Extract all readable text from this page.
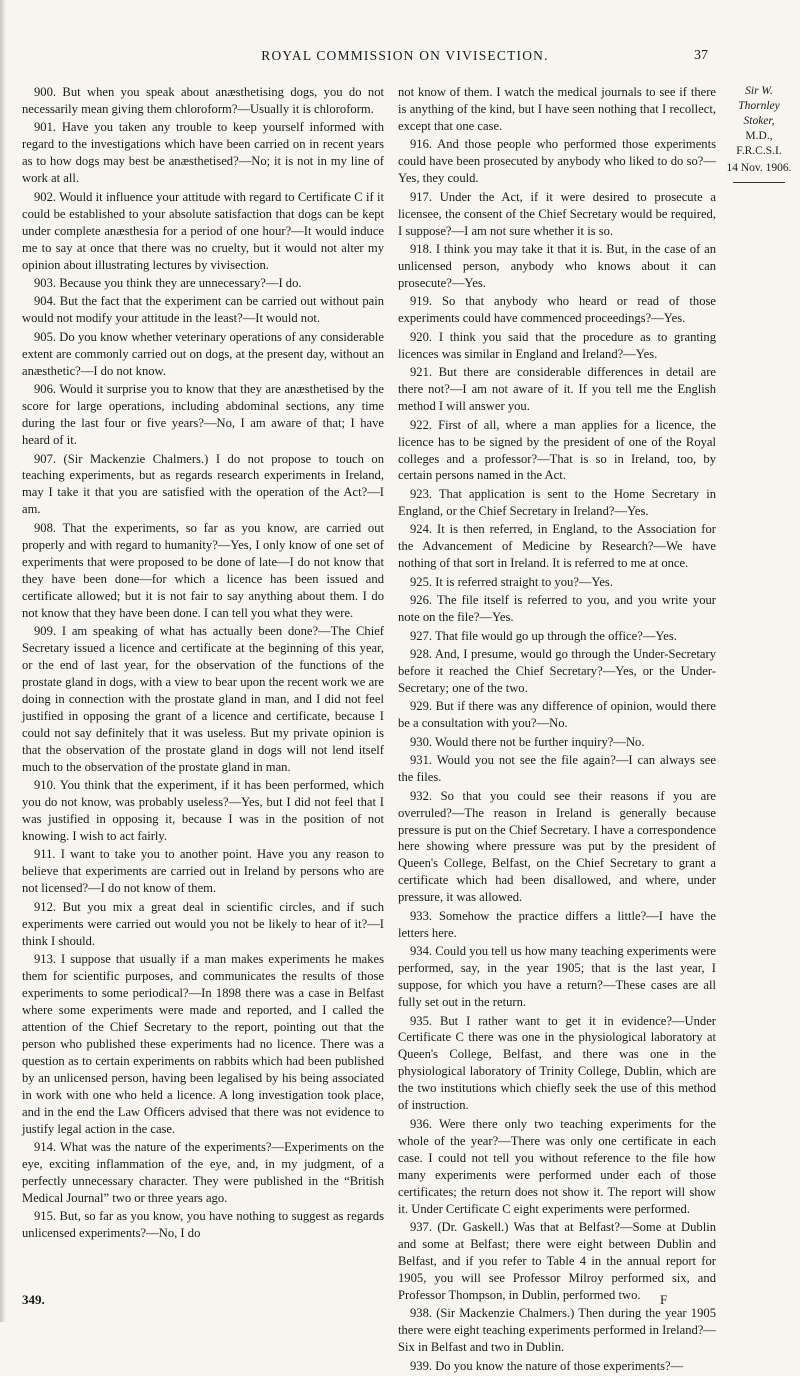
ROYAL COMMISSION ON VIVISECTION.	37

900. But when you speak about anæsthetising dogs, you do not necessarily mean giving them chloroform?—Usually it is chloroform.

901. Have you taken any trouble to keep yourself informed with regard to the investigations which have been carried on in recent years as to how dogs may best be anæsthetised?—No; it is not in my line of work at all.

902. Would it influence your attitude with regard to Certificate C if it could be established to your absolute satisfaction that dogs can be kept under complete anæsthesia for a period of one hour?—It would induce me to say at once that there was no cruelty, but it would not alter my opinion about illustrating lectures by vivisection.

903. Because you think they are unnecessary?—I do.

904. But the fact that the experiment can be carried out without pain would not modify your attitude in the least?—It would not.

905. Do you know whether veterinary operations of any considerable extent are commonly carried out on dogs, at the present day, without an anæsthetic?—I do not know.

906. Would it surprise you to know that they are anæsthetised by the score for large operations, including abdominal sections, any time during the last four or five years?—No, I am aware of that; I have heard of it.

907. (Sir Mackenzie Chalmers.) I do not propose to touch on teaching experiments, but as regards research experiments in Ireland, may I take it that you are satisfied with the operation of the Act?—I am.

908. That the experiments, so far as you know, are carried out properly and with regard to humanity?—Yes, I only know of one set of experiments that were proposed to be done of late—I do not know that they have been done—for which a licence has been issued and certificate allowed; but it is not fair to say anything about them. I do not know that they have been done. I can tell you what they were.

909. I am speaking of what has actually been done?—The Chief Secretary issued a licence and certificate at the beginning of this year, or the end of last year, for the observation of the functions of the prostate gland in dogs, with a view to bear upon the recent work we are doing in connection with the prostate gland in man, and I did not feel justified in opposing the grant of a licence and certificate, because I could not say definitely that it was useless. But my private opinion is that the observation of the prostate gland in dogs will not lend itself much to the observation of the prostate gland in man.

910. You think that the experiment, if it has been performed, which you do not know, was probably useless?—Yes, but I did not feel that I was justified in opposing it, because I was in the position of not knowing. I wish to act fairly.

911. I want to take you to another point. Have you any reason to believe that experiments are carried out in Ireland by persons who are not licensed?—I do not know of them.

912. But you mix a great deal in scientific circles, and if such experiments were carried out would you not be likely to hear of it?—I think I should.

913. I suppose that usually if a man makes experiments he makes them for scientific purposes, and communicates the results of those experiments to some periodical?—In 1898 there was a case in Belfast where some experiments were made and reported, and I called the attention of the Chief Secretary to the report, pointing out that the person who published these experiments had no licence. There was a question as to certain experiments on rabbits which had been published by an unlicensed person, having been legalised by his being associated in work with one who held a licence. A long investigation took place, and in the end the Law Officers advised that there was not evidence to justify legal action in the case.

914. What was the nature of the experiments?—Experiments on the eye, exciting inflammation of the eye, and, in my judgment, of a perfectly unnecessary character. They were published in the “British Medical Journal” two or three years ago.

915. But, so far as you know, you have nothing to suggest as regards unlicensed experiments?—No, I do

not know of them. I watch the medical journals to see if there is anything of the kind, but I have seen nothing that I recollect, except that one case.

916. And those people who performed those experiments could have been prosecuted by anybody who liked to do so?—Yes, they could.

917. Under the Act, if it were desired to prosecute a licensee, the consent of the Chief Secretary would be required, I suppose?—I am not sure whether it is so.

918. I think you may take it that it is. But, in the case of an unlicensed person, anybody who knows about it can prosecute?—Yes.

919. So that anybody who heard or read of those experiments could have commenced proceedings?—Yes.

920. I think you said that the procedure as to granting licences was similar in England and Ireland?—Yes.

921. But there are considerable differences in detail are there not?—I am not aware of it. If you tell me the English method I will answer you.

922. First of all, where a man applies for a licence, the licence has to be signed by the president of one of the Royal colleges and a professor?—That is so in Ireland, too, by certain persons named in the Act.

923. That application is sent to the Home Secretary in England, or the Chief Secretary in Ireland?—Yes.

924. It is then referred, in England, to the Association for the Advancement of Medicine by Research?—We have nothing of that sort in Ireland. It is referred to me at once.

925. It is referred straight to you?—Yes.

926. The file itself is referred to you, and you write your note on the file?—Yes.

927. That file would go up through the office?—Yes.

928. And, I presume, would go through the Under-Secretary before it reached the Chief Secretary?—Yes, or the Under-Secretary; one of the two.

929. But if there was any difference of opinion, would there be a consultation with you?—No.

930. Would there not be further inquiry?—No.

931. Would you not see the file again?—I can always see the files.

932. So that you could see their reasons if you are overruled?—The reason in Ireland is generally because pressure is put on the Chief Secretary. I have a correspondence here showing where pressure was put by the president of Queen's College, Belfast, on the Chief Secretary to grant a certificate which had been disallowed, and where, under pressure, it was allowed.

933. Somehow the practice differs a little?—I have the letters here.

934. Could you tell us how many teaching experiments were performed, say, in the year 1905; that is the last year, I suppose, for which you have a return?—These cases are all fully set out in the return.

935. But I rather want to get it in evidence?—Under Certificate C there was one in the physiological laboratory at Queen's College, Belfast, and there was one in the physiological laboratory of Trinity College, Dublin, which are the two institutions which chiefly seek the use of this method of instruction.

936. Were there only two teaching experiments for the whole of the year?—There was only one certificate in each case. I could not tell you without reference to the file how many experiments were performed under each of those certificates; the return does not show it. The report will show it. Under Certificate C eight experiments were performed.

937. (Dr. Gaskell.) Was that at Belfast?—Some at Dublin and some at Belfast; there were eight between Dublin and Belfast, and if you refer to Table 4 in the annual report for 1905, you will see Professor Milroy performed six, and Professor Thompson, in Dublin, performed two.

938. (Sir Mackenzie Chalmers.) Then during the year 1905 there were eight teaching experiments performed in Ireland?—Six in Belfast and two in Dublin.

939. Do you know the nature of those experiments?—

Sir W. Thornley Stoker,
M.D., F.R.C.S.I.
14 Nov. 1906.
349.	F
